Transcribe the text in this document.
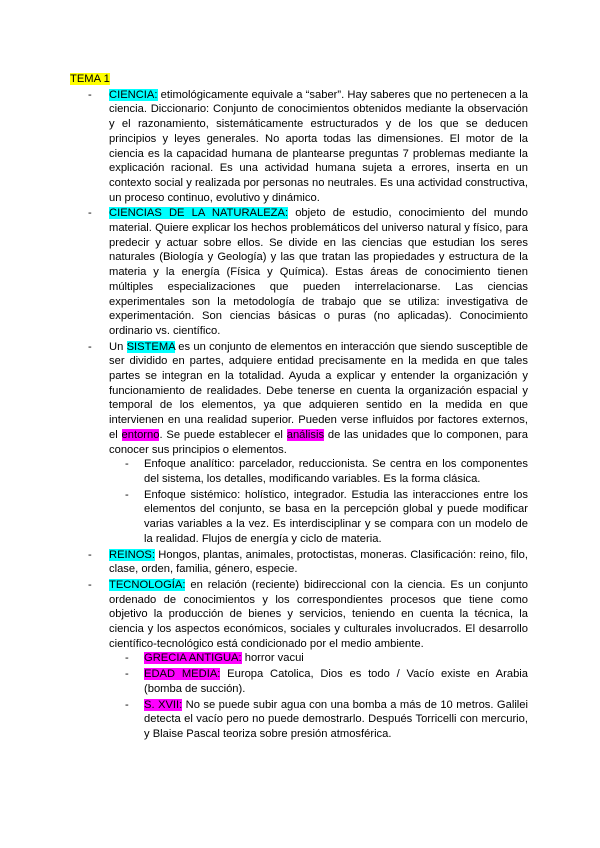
TEMA 1
- CIENCIA: etimológicamente equivale a “saber”. Hay saberes que no pertenecen a la ciencia. Diccionario: Conjunto de conocimientos obtenidos mediante la observación y el razonamiento, sistemáticamente estructurados y de los que se deducen principios y leyes generales. No aporta todas las dimensiones. El motor de la ciencia es la capacidad humana de plantearse preguntas 7 problemas mediante la explicación racional. Es una actividad humana sujeta a errores, inserta en un contexto social y realizada por personas no neutrales. Es una actividad constructiva, un proceso continuo, evolutivo y dinámico.
- CIENCIAS DE LA NATURALEZA: objeto de estudio, conocimiento del mundo material. Quiere explicar los hechos problemáticos del universo natural y físico, para predecir y actuar sobre ellos. Se divide en las ciencias que estudian los seres naturales (Biología y Geología) y las que tratan las propiedades y estructura de la materia y la energía (Física y Química). Estas áreas de conocimiento tienen múltiples especializaciones que pueden interrelacionarse. Las ciencias experimentales son la metodología de trabajo que se utiliza: investigativa de experimentación. Son ciencias básicas o puras (no aplicadas). Conocimiento ordinario vs. científico.
- Un SISTEMA es un conjunto de elementos en interacción que siendo susceptible de ser dividido en partes, adquiere entidad precisamente en la medida en que tales partes se integran en la totalidad. Ayuda a explicar y entender la organización y funcionamiento de realidades. Debe tenerse en cuenta la organización espacial y temporal de los elementos, ya que adquieren sentido en la medida en que intervienen en una realidad superior. Pueden verse influidos por factores externos, el entorno. Se puede establecer el análisis de las unidades que lo componen, para conocer sus principios o elementos.
- Enfoque analítico: parcelador, reduccionista. Se centra en los componentes del sistema, los detalles, modificando variables. Es la forma clásica.
- Enfoque sistémico: holístico, integrador. Estudia las interacciones entre los elementos del conjunto, se basa en la percepción global y puede modificar varias variables a la vez. Es interdisciplinar y se compara con un modelo de la realidad. Flujos de energía y ciclo de materia.
- REINOS: Hongos, plantas, animales, protoctistas, moneras. Clasificación: reino, filo, clase, orden, familia, género, especie.
- TECNOLOGÍA: en relación (reciente) bidireccional con la ciencia. Es un conjunto ordenado de conocimientos y los correspondientes procesos que tiene como objetivo la producción de bienes y servicios, teniendo en cuenta la técnica, la ciencia y los aspectos económicos, sociales y culturales involucrados. El desarrollo científico-tecnológico está condicionado por el medio ambiente.
- GRECIA ANTIGUA: horror vacui
- EDAD MEDIA: Europa Catolica, Dios es todo / Vacío existe en Arabia (bomba de succión).
- S. XVII: No se puede subir agua con una bomba a más de 10 metros. Galilei detecta el vacío pero no puede demostrarlo. Después Torricelli con mercurio, y Blaise Pascal teoriza sobre presión atmosférica.
